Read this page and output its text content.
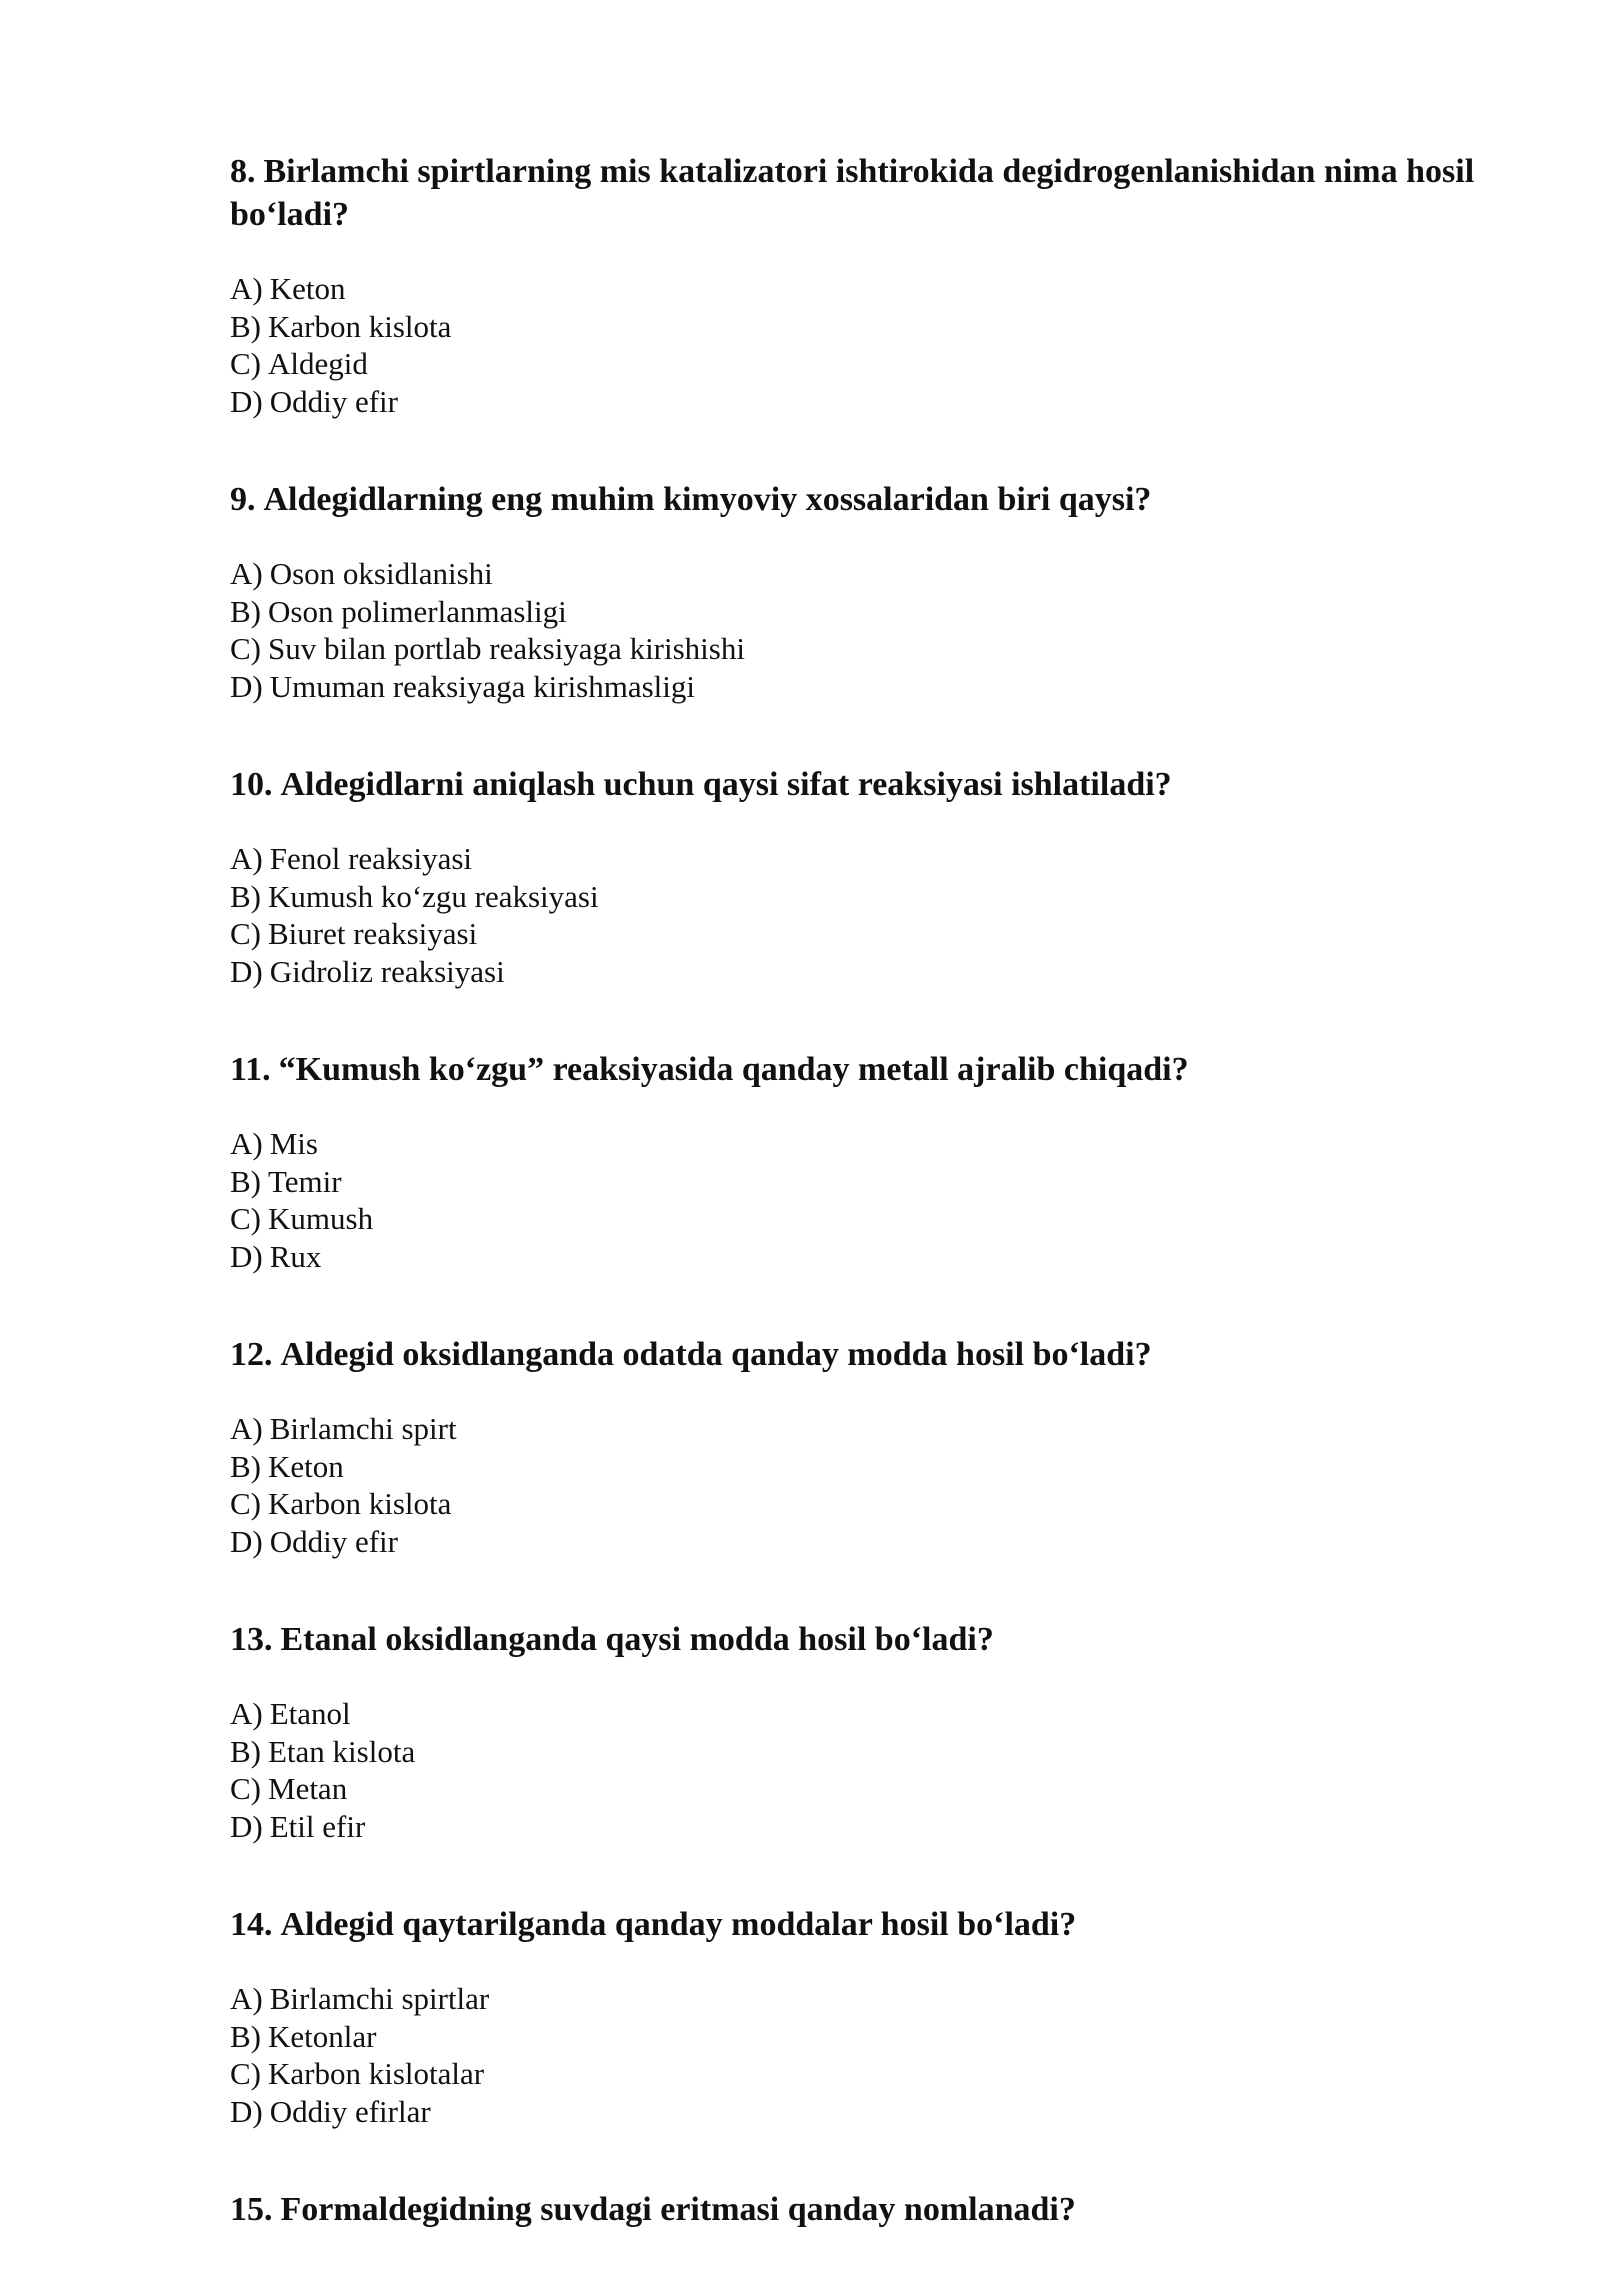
8. Birlamchi spirtlarning mis katalizatori ishtirokida degidrogenlanishidan nima hosil bo‘ladi?
A) Keton
B) Karbon kislota
C) Aldegid
D) Oddiy efir
9. Aldegidlarning eng muhim kimyoviy xossalaridan biri qaysi?
A) Oson oksidlanishi
B) Oson polimerlanmasligi
C) Suv bilan portlab reaksiyaga kirishishi
D) Umuman reaksiyaga kirishmasligi
10. Aldegidlarni aniqlash uchun qaysi sifat reaksiyasi ishlatiladi?
A) Fenol reaksiyasi
B) Kumush ko‘zgu reaksiyasi
C) Biuret reaksiyasi
D) Gidroliz reaksiyasi
11. “Kumush ko‘zgu” reaksiyasida qanday metall ajralib chiqadi?
A) Mis
B) Temir
C) Kumush
D) Rux
12. Aldegid oksidlanganda odatda qanday modda hosil bo‘ladi?
A) Birlamchi spirt
B) Keton
C) Karbon kislota
D) Oddiy efir
13. Etanal oksidlanganda qaysi modda hosil bo‘ladi?
A) Etanol
B) Etan kislota
C) Metan
D) Etil efir
14. Aldegid qaytarilganda qanday moddalar hosil bo‘ladi?
A) Birlamchi spirtlar
B) Ketonlar
C) Karbon kislotalar
D) Oddiy efirlar
15. Formaldegidning suvdagi eritmasi qanday nomlanadi?
